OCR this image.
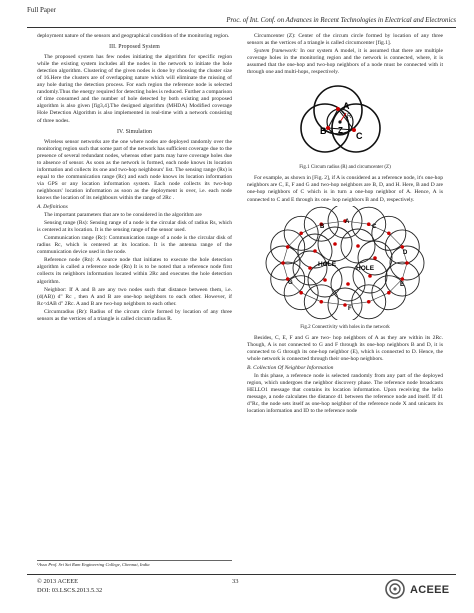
Full Paper
Proc. of Int. Conf. on Advances in Recent Technologies in Electrical and Electronics

deployment nature of the sensors and geographical condition of the monitoring region.

III. Proposed System

The proposed system has few nodes initiating the algorithm for specific region while the existing system includes all the nodes in the network to initiate the hole detection algorithm. Clustering of the given nodes is done by choosing the cluster size of 16.Here the clusters are of overlapping nature which will eliminate the missing of any hole during the detection process. For each region the reference node is selected randomly.Thus the energy required for detecting holes is reduced. Further a comparison of time consumed and the number of hole detected by both existing and proposed algorithm is also given [fig3,4].The designed algorithm (MHDA) Modified coverage Hole Detection Algorithm is also implemented in real-time with a network consisting of three nodes.

IV. Simulation

Wireless sensor networks are the one where nodes are deployed randomly over the monitoring region such that some part of the network has sufficient coverage due to the presence of several redundant nodes, whereas other parts may have coverage holes due to absence of sensor. As soon as the network is formed, each node knows its location information and collects its one and two-hop neighbours' list. The sensing range (Rs) is equal to the communication range (Rc) and each node knows its location information via GPS or any location information system. Each node collects its two-hop neighbours' location information as soon as the deployment is over, i.e. each node knows the location of its neighbours within the range of 2Rc .

A. Definitions

The important parameters that are to be considered in the algorithm are

Sensing range (Rs): Sensing range of a node is the circular disk of radius Rs, which is centered at its location. It is the sensing range of the sensor used.

Communication range (Rc): Communication range of a node is the circular disk of radius Rc, which is centered at its location. It is the antenna range of the communication device used in the node.

Reference node (Rn): A source node that initiates to execute the hole detection algorithm is called a reference node (Rn) It is to be noted that a reference node first collects its neighbors information located within 2Rc and executes the hole detection algorithm.

Neighbor: If A and B are any two nodes such that distance between them, i.e. (d(AB)) d" Rc , then A and B are one-hop neighbors to each other. However, if Rc<dAB d" 2Rc. A and B are two-hop neighbors to each other.

Circumradius (Rr): Radius of the circum circle formed by location of any three sensors as the vertices of a triangle is called circum radius R.

¹Asso Prof. Sri Sai Ram Engineering College, Chennai, India

Circumcenter (Z): Center of the circum circle formed by location of any three sensors as the vertices of a triangle is called circumcenter [fig.1].

System framework: In our system A model, it is assumed that there are multiple coverage holes in the monitoring region and the network is connected, where, it is assumed that the one-hop and two-hop neighbors of a node must be connected with it through one and multi-hops, respectively.

A
B	C
Z
R
Fig.1 Circum radius (R) and circumcenter (Z)

For example, as shown in [Fig. 2], if A is considered as a reference node, it's one-hop neighbors are C, E, F and G and two-hop neighbors are B, D, and H. Here, B and D are one-hop neighbors of C which is in turn a one-hop neighbor of A. Hence, A is connected to C and E through its one- hop neighbors B and D, respectively.

A
B	C
D
E
F
G
HOLE
HOLE
Fig.2 Connectivity with holes in the network

Besides, C, E, F and G are two- hop neighbors of A as they are within its 2Rc. Though, A is not connected to G and F through its one-hop neighbors B and D, it is connected to G through its one-hop neighbor (E), which is connected to D. Hence, the whole network is connected through their one-hop neighbors.

B. Collection Of Neighbor Information

In this phase, a reference node is selected randomly from any part of the deployed region, which undergoes the neighbor discovery phase. The reference node broadcasts HELLO1 message that contains its location information. Upon receiving the hello message, a node calculates the distance d1 between the reference node and itself. If d1 d"Rc, the node sets itself as one-hop neighbor of the reference node X and unicasts its location information and ID to the reference node

© 2013 ACEEE
DOI: 03.LSCS.2013.5.32
33
ACEEE
